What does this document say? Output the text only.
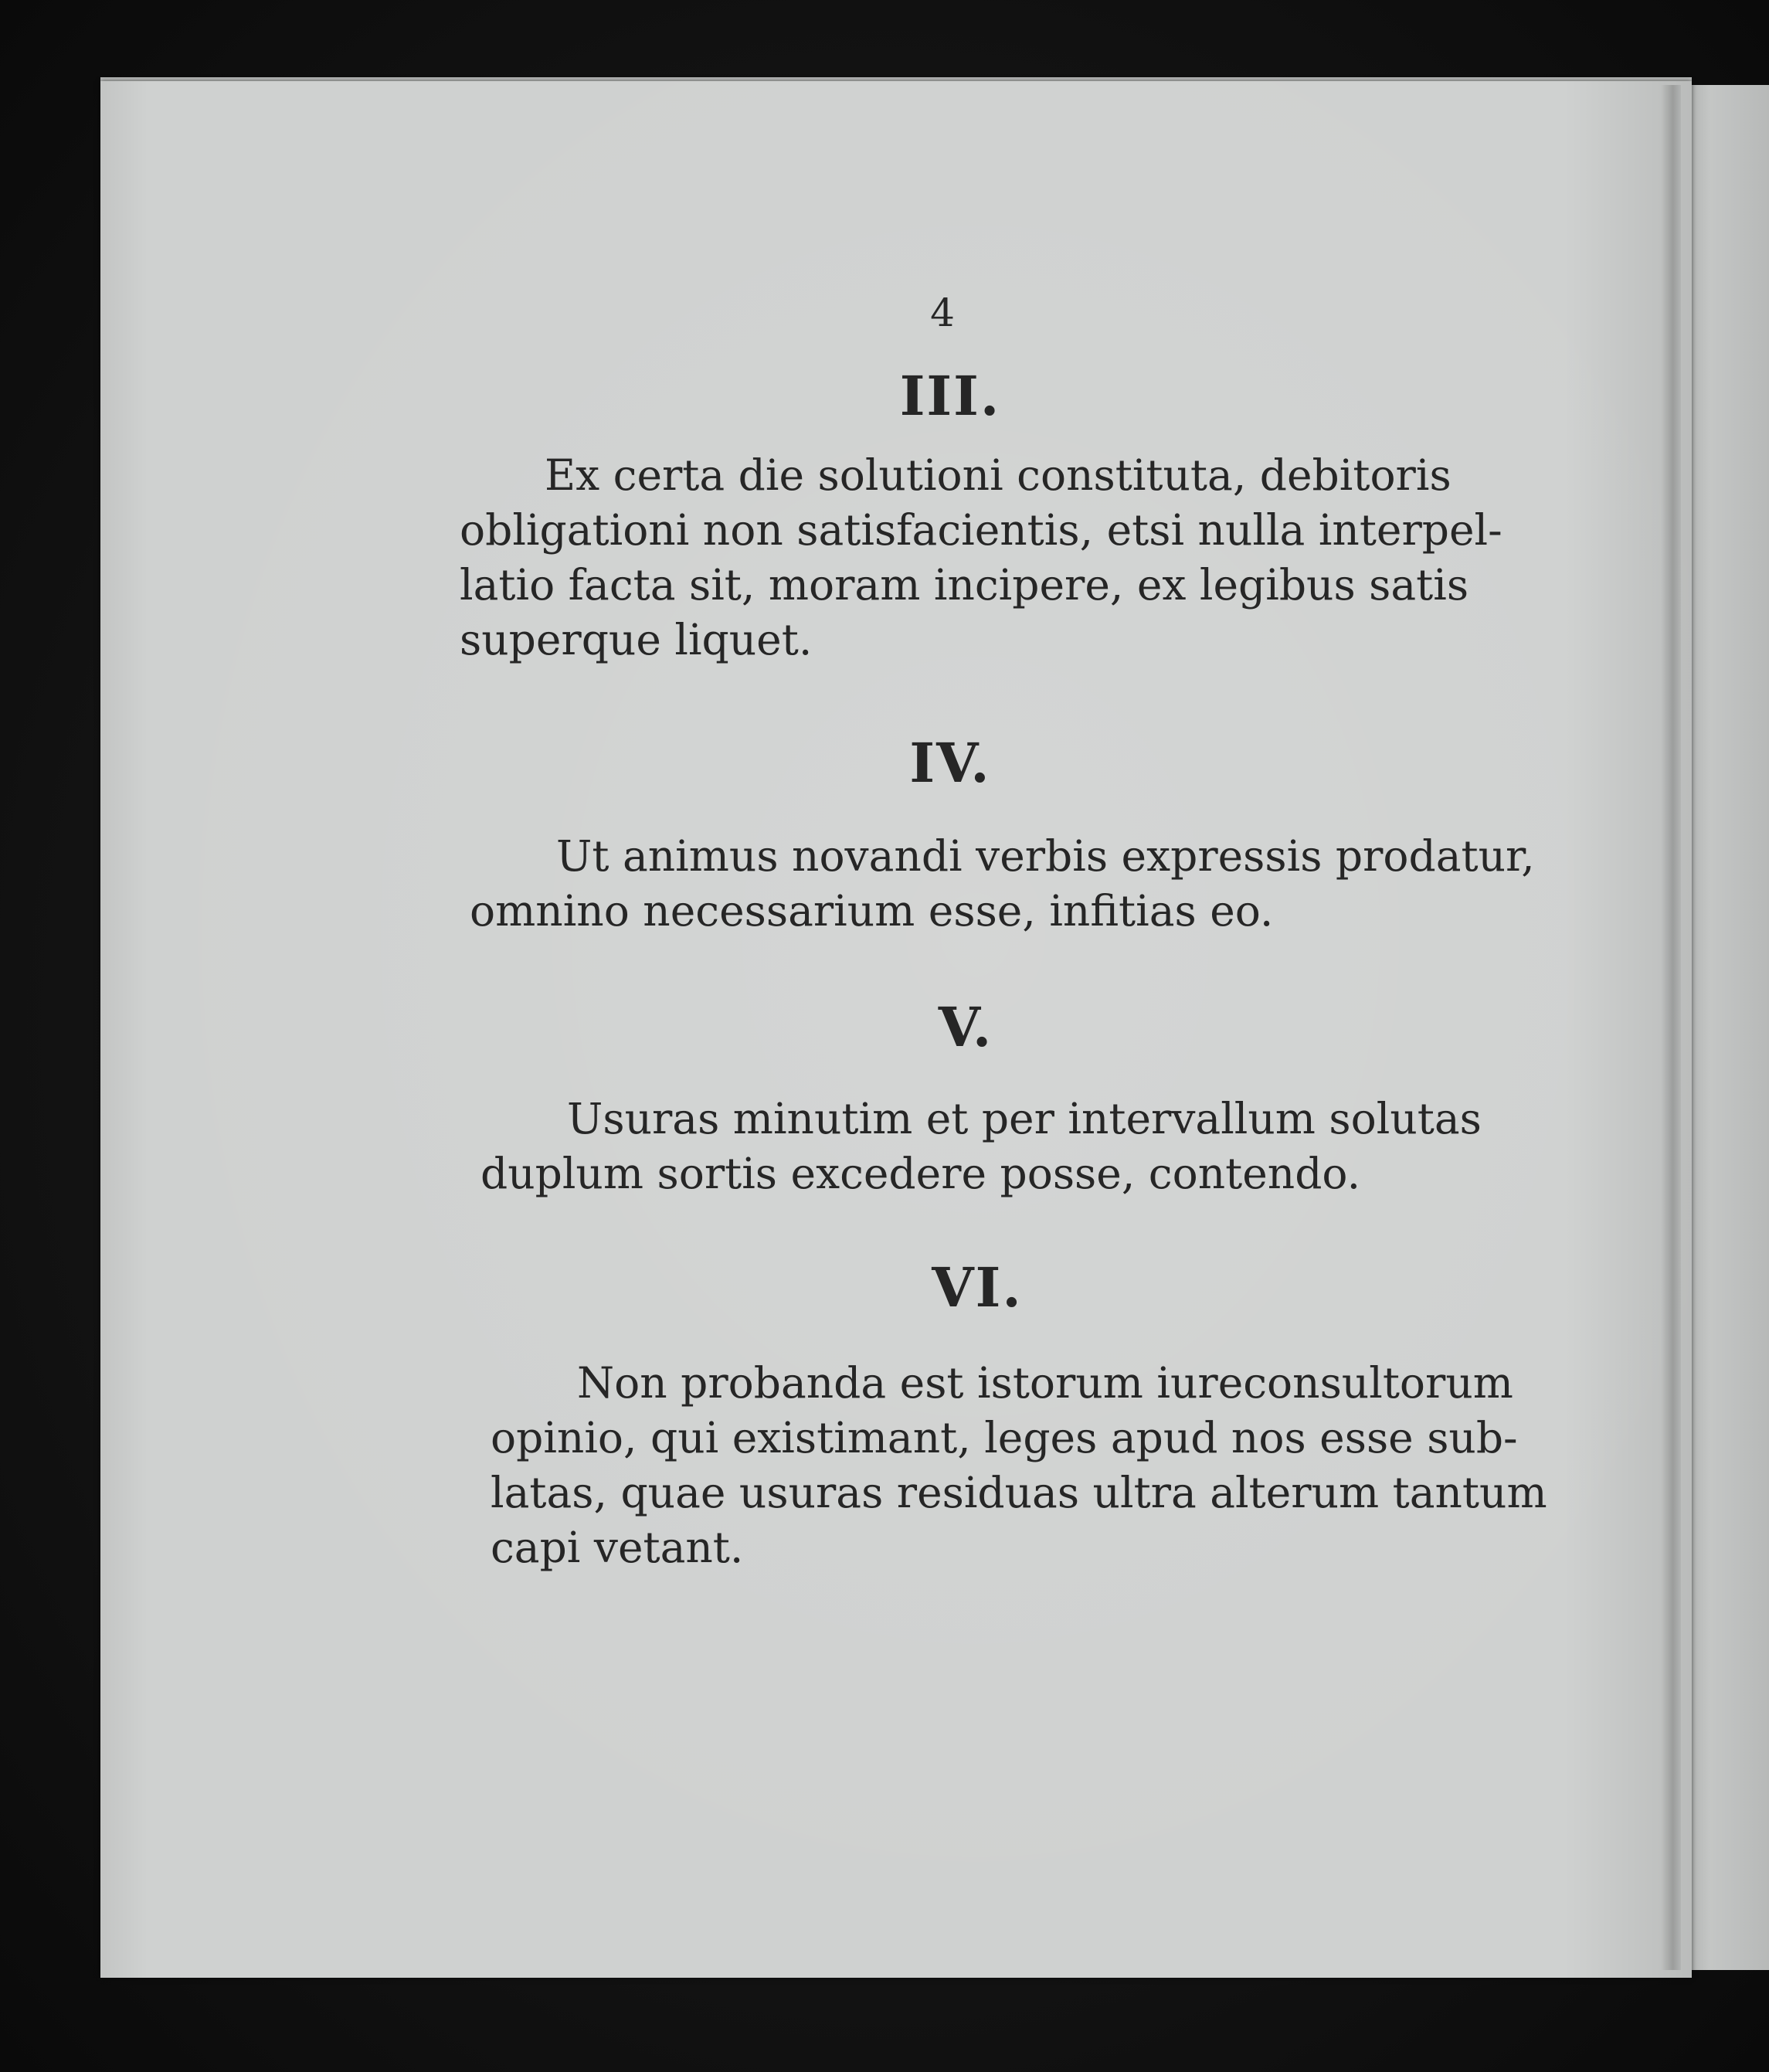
4
III.
Ex certa die solutioni constituta, debitoris
obligationi non satisfacientis, etsi nulla interpel-
latio facta sit, moram incipere, ex legibus satis
superque liquet.
IV.
Ut animus novandi verbis expressis prodatur,
omnino necessarium esse, infitias eo.
V.
Usuras minutim et per intervallum solutas
duplum sortis excedere posse, contendo.
VI.
Non probanda est istorum iureconsultorum
opinio, qui existimant, leges apud nos esse sub-
latas, quae usuras residuas ultra alterum tantum
capi vetant.
